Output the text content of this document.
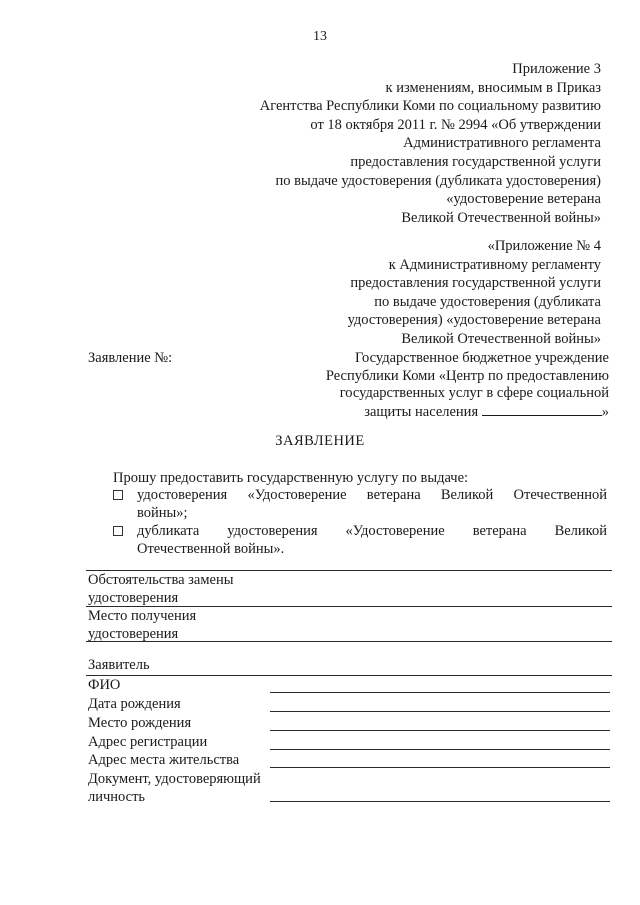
13
Приложение 3
к изменениям, вносимым в Приказ
Агентства Республики Коми по социальному развитию
от 18 октября 2011 г. № 2994 «Об утверждении
Административного регламента
предоставления государственной услуги
по выдаче удостоверения (дубликата удостоверения)
«удостоверение ветерана
Великой Отечественной войны»
«Приложение № 4
к Административному регламенту
предоставления государственной услуги
по выдаче удостоверения (дубликата
удостоверения) «удостоверение ветерана
Великой Отечественной войны»
Заявление №:	Государственное бюджетное учреждение
Республики Коми «Центр по предоставлению
государственных услуг в сфере социальной
защиты населения	»
ЗАЯВЛЕНИЕ
Прошу предоставить государственную услугу по выдаче:
удостоверения «Удостоверение ветерана Великой Отечественной
войны»;
дубликата удостоверения «Удостоверение ветерана Великой
Отечественной войны».
Обстоятельства замены
удостоверения
Место получения
удостоверения
Заявитель
ФИО
Дата рождения
Место рождения
Адрес регистрации
Адрес места жительства
Документ, удостоверяющий
личность
